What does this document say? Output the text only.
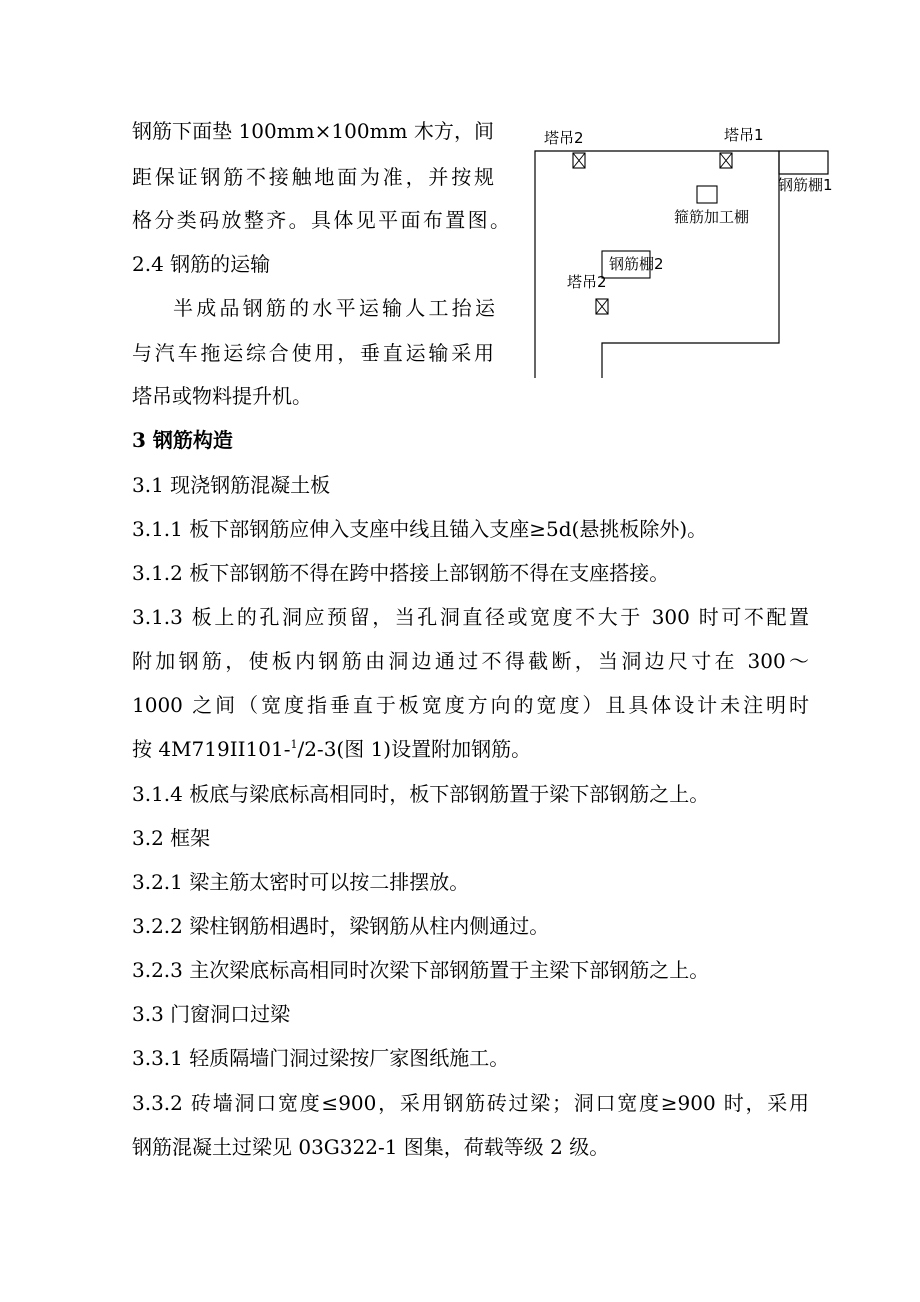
钢筋下面垫 100mm×100mm 木方，间
距保证钢筋不接触地面为准，并按规
格分类码放整齐。具体见平面布置图。
2.4 钢筋的运输
半成品钢筋的水平运输人工抬运
与汽车拖运综合使用，垂直运输采用
塔吊或物料提升机。
3 钢筋构造
3.1 现浇钢筋混凝土板
3.1.1 板下部钢筋应伸入支座中线且锚入支座≥5d(悬挑板除外)。
3.1.2 板下部钢筋不得在跨中搭接上部钢筋不得在支座搭接。
3.1.3 板上的孔洞应预留，当孔洞直径或宽度不大于 300 时可不配置
附加钢筋，使板内钢筋由洞边通过不得截断，当洞边尺寸在 300～
1000 之间（宽度指垂直于板宽度方向的宽度）且具体设计未注明时
按 4M719II101-$^1$/2-3(图 1)设置附加钢筋。
3.1.4 板底与梁底标高相同时，板下部钢筋置于梁下部钢筋之上。
3.2 框架
3.2.1 梁主筋太密时可以按二排摆放。
3.2.2 梁柱钢筋相遇时，梁钢筋从柱内侧通过。
3.2.3 主次梁底标高相同时次梁下部钢筋置于主梁下部钢筋之上。
3.3 门窗洞口过梁
3.3.1 轻质隔墙门洞过梁按厂家图纸施工。
3.3.2 砖墙洞口宽度≤900，采用钢筋砖过梁；洞口宽度≥900 时，采用
钢筋混凝土过梁见 03G322-1 图集，荷载等级 2 级。
塔吊2	塔吊1
钢筋棚1
箍筋加工棚
钢筋棚2
塔吊2
